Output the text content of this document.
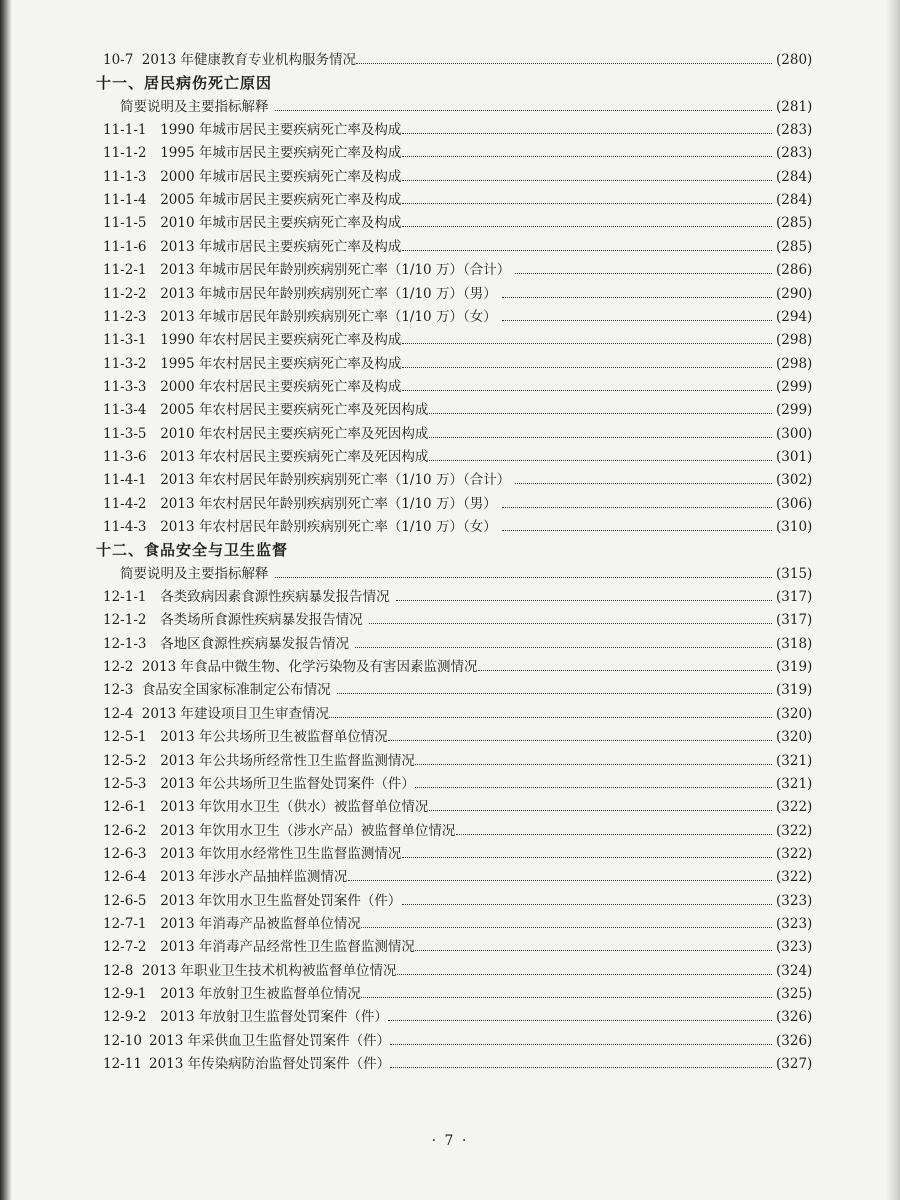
10-7 2013 年健康教育专业机构服务情况	(280)
十一、居民病伤死亡原因
简要说明及主要指标解释	(281)
11-1-1 1990 年城市居民主要疾病死亡率及构成	(283)
11-1-2 1995 年城市居民主要疾病死亡率及构成	(283)
11-1-3 2000 年城市居民主要疾病死亡率及构成	(284)
11-1-4 2005 年城市居民主要疾病死亡率及构成	(284)
11-1-5 2010 年城市居民主要疾病死亡率及构成	(285)
11-1-6 2013 年城市居民主要疾病死亡率及构成	(285)
11-2-1 2013 年城市居民年龄别疾病别死亡率（1/10 万）（合计）	(286)
11-2-2 2013 年城市居民年龄别疾病别死亡率（1/10 万）（男）	(290)
11-2-3 2013 年城市居民年龄别疾病别死亡率（1/10 万）（女）	(294)
11-3-1 1990 年农村居民主要疾病死亡率及构成	(298)
11-3-2 1995 年农村居民主要疾病死亡率及构成	(298)
11-3-3 2000 年农村居民主要疾病死亡率及构成	(299)
11-3-4 2005 年农村居民主要疾病死亡率及死因构成	(299)
11-3-5 2010 年农村居民主要疾病死亡率及死因构成	(300)
11-3-6 2013 年农村居民主要疾病死亡率及死因构成	(301)
11-4-1 2013 年农村居民年龄别疾病别死亡率（1/10 万）（合计）	(302)
11-4-2 2013 年农村居民年龄别疾病别死亡率（1/10 万）（男）	(306)
11-4-3 2013 年农村居民年龄别疾病别死亡率（1/10 万）（女）	(310)
十二、食品安全与卫生监督
简要说明及主要指标解释	(315)
12-1-1 各类致病因素食源性疾病暴发报告情况	(317)
12-1-2 各类场所食源性疾病暴发报告情况	(317)
12-1-3 各地区食源性疾病暴发报告情况	(318)
12-2 2013 年食品中微生物、化学污染物及有害因素监测情况	(319)
12-3 食品安全国家标准制定公布情况	(319)
12-4 2013 年建设项目卫生审查情况	(320)
12-5-1 2013 年公共场所卫生被监督单位情况	(320)
12-5-2 2013 年公共场所经常性卫生监督监测情况	(321)
12-5-3 2013 年公共场所卫生监督处罚案件（件）	(321)
12-6-1 2013 年饮用水卫生（供水）被监督单位情况	(322)
12-6-2 2013 年饮用水卫生（涉水产品）被监督单位情况	(322)
12-6-3 2013 年饮用水经常性卫生监督监测情况	(322)
12-6-4 2013 年涉水产品抽样监测情况	(322)
12-6-5 2013 年饮用水卫生监督处罚案件（件）	(323)
12-7-1 2013 年消毒产品被监督单位情况	(323)
12-7-2 2013 年消毒产品经常性卫生监督监测情况	(323)
12-8 2013 年职业卫生技术机构被监督单位情况	(324)
12-9-1 2013 年放射卫生被监督单位情况	(325)
12-9-2 2013 年放射卫生监督处罚案件（件）	(326)
12-10 2013 年采供血卫生监督处罚案件（件）	(326)
12-11 2013 年传染病防治监督处罚案件（件）	(327)
· 7 ·
